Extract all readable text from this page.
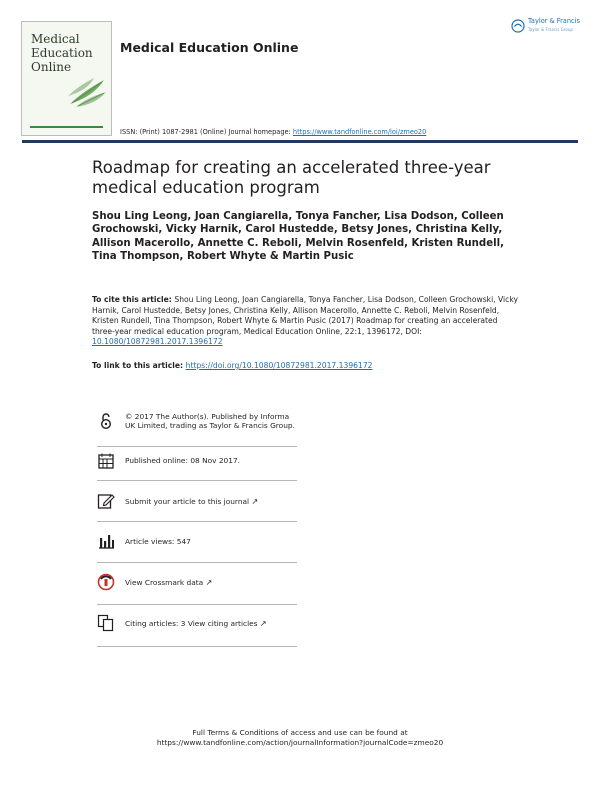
Medical
Education
Online
Medical Education Online
Taylor & Francis
Taylor & Francis Group
ISSN: (Print) 1087-2981 (Online) Journal homepage: https://www.tandfonline.com/loi/zmeo20
Roadmap for creating an accelerated three-year medical education program
Shou Ling Leong, Joan Cangiarella, Tonya Fancher, Lisa Dodson, Colleen Grochowski, Vicky Harnik, Carol Hustedde, Betsy Jones, Christina Kelly, Allison Macerollo, Annette C. Reboli, Melvin Rosenfeld, Kristen Rundell, Tina Thompson, Robert Whyte & Martin Pusic
To cite this article: Shou Ling Leong, Joan Cangiarella, Tonya Fancher, Lisa Dodson, Colleen Grochowski, Vicky Harnik, Carol Hustedde, Betsy Jones, Christina Kelly, Allison Macerollo, Annette C. Reboli, Melvin Rosenfeld, Kristen Rundell, Tina Thompson, Robert Whyte & Martin Pusic (2017) Roadmap for creating an accelerated three-year medical education program, Medical Education Online, 22:1, 1396172, DOI: 10.1080/10872981.2017.1396172
To link to this article: https://doi.org/10.1080/10872981.2017.1396172
© 2017 The Author(s). Published by Informa UK Limited, trading as Taylor & Francis Group.
Published online: 08 Nov 2017.
Submit your article to this journal ↗
Article views: 547
View Crossmark data ↗
Citing articles: 3 View citing articles ↗
Full Terms & Conditions of access and use can be found at
https://www.tandfonline.com/action/journalInformation?journalCode=zmeo20
